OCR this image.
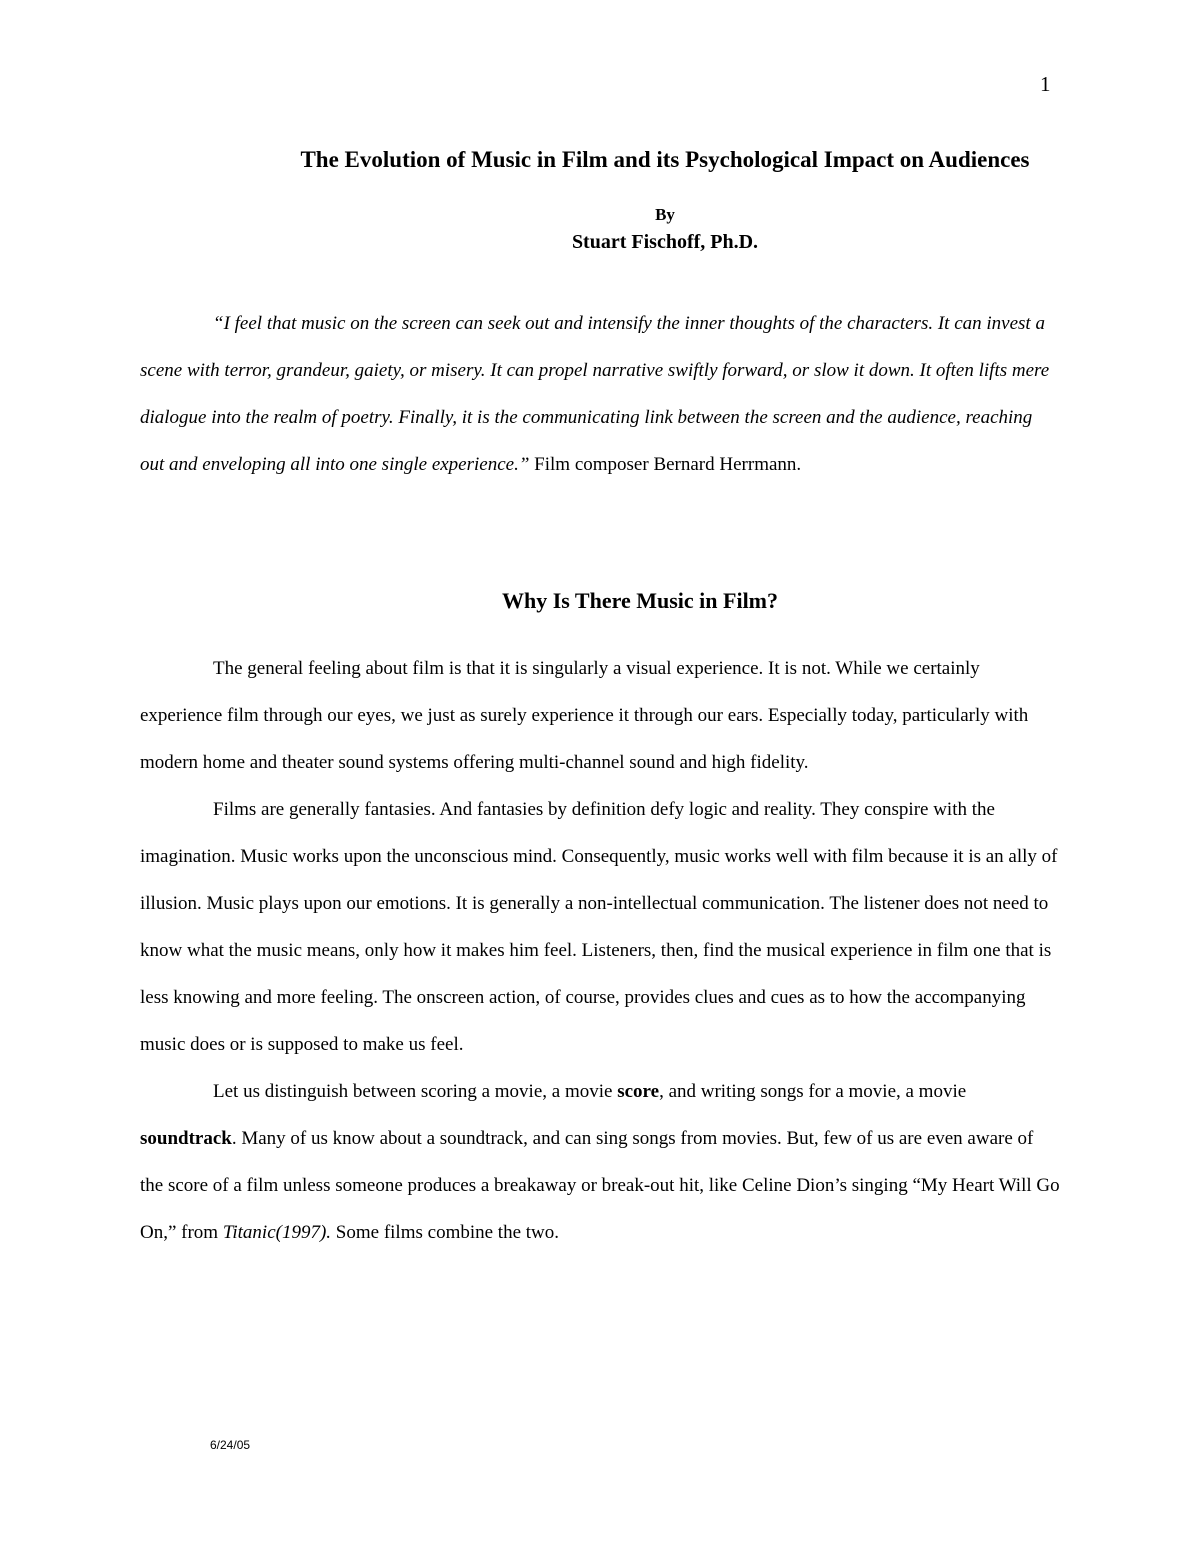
1
The Evolution of Music in Film and its Psychological Impact on Audiences

By

Stuart Fischoff, Ph.D.

“I feel that music on the screen can seek out and intensify the inner thoughts of the characters. It can invest a scene with terror, grandeur, gaiety, or misery. It can propel narrative swiftly forward, or slow it down. It often lifts mere dialogue into the realm of poetry. Finally, it is the communicating link between the screen and the audience, reaching out and enveloping all into one single experience.” Film composer Bernard Herrmann.

Why Is There Music in Film?

The general feeling about film is that it is singularly a visual experience. It is not. While we certainly experience film through our eyes, we just as surely experience it through our ears. Especially today, particularly with modern home and theater sound systems offering multi-channel sound and high fidelity.

Films are generally fantasies. And fantasies by definition defy logic and reality. They conspire with the imagination. Music works upon the unconscious mind. Consequently, music works well with film because it is an ally of illusion. Music plays upon our emotions. It is generally a non-intellectual communication. The listener does not need to know what the music means, only how it makes him feel. Listeners, then, find the musical experience in film one that is less knowing and more feeling. The onscreen action, of course, provides clues and cues as to how the accompanying music does or is supposed to make us feel.

Let us distinguish between scoring a movie, a movie score, and writing songs for a movie, a movie soundtrack. Many of us know about a soundtrack, and can sing songs from movies. But, few of us are even aware of the score of a film unless someone produces a breakaway or break-out hit, like Celine Dion’s singing “My Heart Will Go On,” from Titanic(1997). Some films combine the two.

6/24/05
